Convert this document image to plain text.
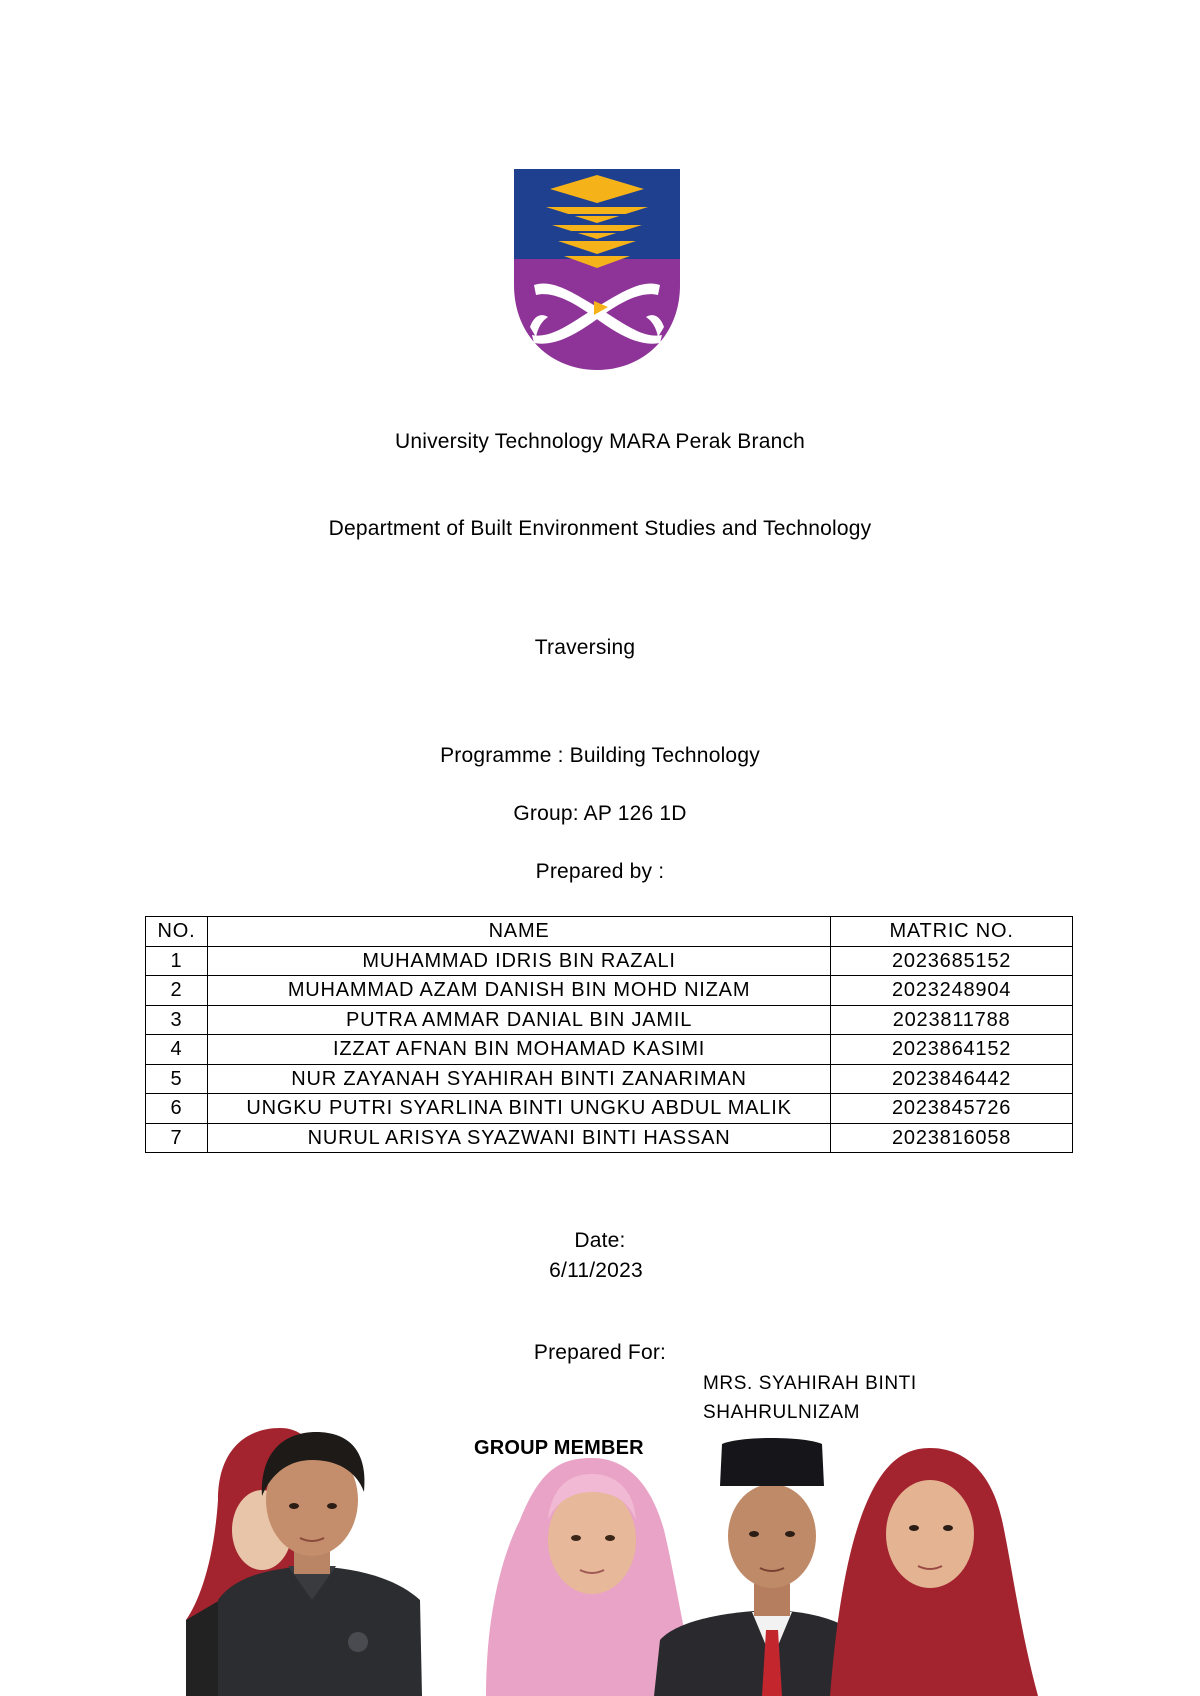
University Technology MARA Perak Branch
Department of Built Environment Studies and Technology
Traversing
Programme : Building Technology
Group: AP 126 1D
Prepared by :
NO.	NAME	MATRIC NO.
1	MUHAMMAD IDRIS BIN RAZALI	2023685152
2	MUHAMMAD AZAM DANISH BIN MOHD NIZAM	2023248904
3	PUTRA AMMAR DANIAL BIN JAMIL	2023811788
4	IZZAT AFNAN BIN MOHAMAD KASIMI	2023864152
5	NUR ZAYANAH SYAHIRAH BINTI ZANARIMAN	2023846442
6	UNGKU PUTRI SYARLINA BINTI UNGKU ABDUL MALIK	2023845726
7	NURUL ARISYA SYAZWANI BINTI HASSAN	2023816058
Date:
6/11/2023
Prepared For:
MRS. SYAHIRAH BINTI
SHAHRULNIZAM
GROUP MEMBER
